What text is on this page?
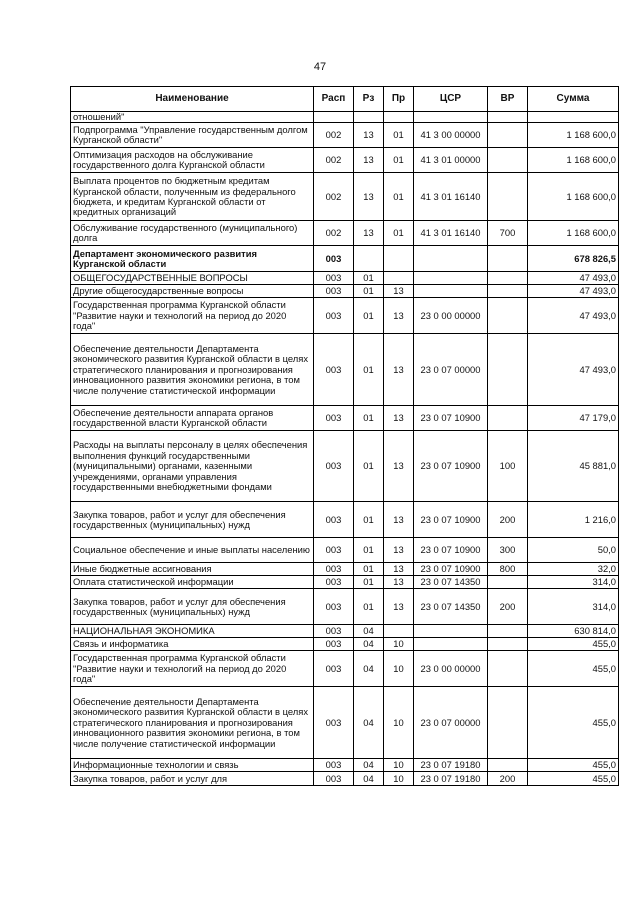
47
Наименование	Расп	Рз	Пр	ЦСР	ВР	Сумма
отношений"						
Подпрограмма "Управление государственным долгом Курганской области"	002	13	01	41 3 00 00000		1 168 600,0
Оптимизация расходов на обслуживание государственного долга Курганской области	002	13	01	41 3 01 00000		1 168 600,0
Выплата процентов по бюджетным кредитам Курганской области, полученным из федерального бюджета, и кредитам Курганской области от кредитных организаций	002	13	01	41 3 01 16140		1 168 600,0
Обслуживание государственного (муниципального) долга	002	13	01	41 3 01 16140	700	1 168 600,0
Департамент экономического развития Курганской области	003					678 826,5
ОБЩЕГОСУДАРСТВЕННЫЕ ВОПРОСЫ	003	01				47 493,0
Другие общегосударственные вопросы	003	01	13			47 493,0
Государственная программа Курганской области "Развитие науки и технологий на период до 2020 года"	003	01	13	23 0 00 00000		47 493,0
Обеспечение деятельности Департамента экономического развития Курганской области в целях стратегического планирования и прогнозирования инновационного развития экономики региона, в том числе получение статистической информации	003	01	13	23 0 07 00000		47 493,0
Обеспечение деятельности аппарата органов государственной власти Курганской области	003	01	13	23 0 07 10900		47 179,0
Расходы на выплаты персоналу в целях обеспечения выполнения функций государственными (муниципальными) органами, казенными учреждениями, органами управления государственными внебюджетными фондами	003	01	13	23 0 07 10900	100	45 881,0
Закупка товаров, работ и услуг для обеспечения государственных (муниципальных) нужд	003	01	13	23 0 07 10900	200	1 216,0
Социальное обеспечение и иные выплаты населению	003	01	13	23 0 07 10900	300	50,0
Иные бюджетные ассигнования	003	01	13	23 0 07 10900	800	32,0
Оплата статистической информации	003	01	13	23 0 07 14350		314,0
Закупка товаров, работ и услуг для обеспечения государственных (муниципальных) нужд	003	01	13	23 0 07 14350	200	314,0
НАЦИОНАЛЬНАЯ ЭКОНОМИКА	003	04				630 814,0
Связь и информатика	003	04	10			455,0
Государственная программа Курганской области "Развитие науки и технологий на период до 2020 года"	003	04	10	23 0 00 00000		455,0
Обеспечение деятельности Департамента экономического развития Курганской области в целях стратегического планирования и прогнозирования инновационного развития экономики региона, в том числе получение статистической информации	003	04	10	23 0 07 00000		455,0
Информационные технологии и связь	003	04	10	23 0 07 19180		455,0
Закупка товаров, работ и услуг для	003	04	10	23 0 07 19180	200	455,0
